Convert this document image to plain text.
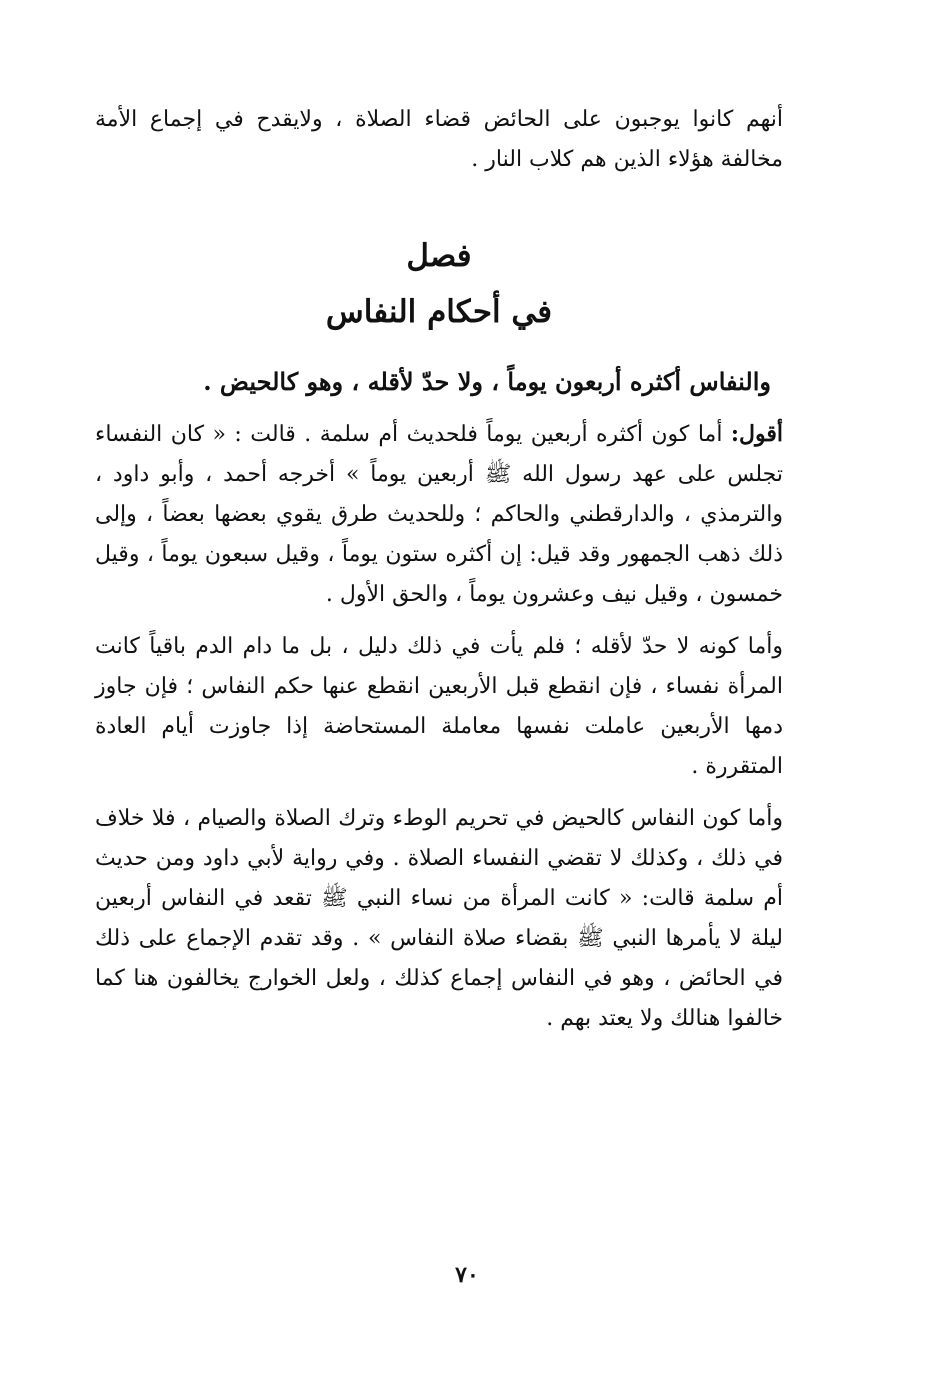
أنهم كانوا يوجبون على الحائض قضاء الصلاة ، ولايقدح في إجماع الأمة مخالفة هؤلاء الذين هم كلاب النار .

فصل
في أحكام النفاس

والنفاس أكثره أربعون يوماً ، ولا حدّ لأقله ، وهو كالحيض .

أقول: أما كون أكثره أربعين يوماً فلحديث أم سلمة . قالت : « كان النفساء تجلس على عهد رسول الله ﷺ أربعين يوماً » أخرجه أحمد ، وأبو داود ، والترمذي ، والدارقطني والحاكم ؛ وللحديث طرق يقوي بعضها بعضاً ، وإلى ذلك ذهب الجمهور وقد قيل: إن أكثره ستون يوماً ، وقيل سبعون يوماً ، وقيل خمسون ، وقيل نيف وعشرون يوماً ، والحق الأول .

وأما كونه لا حدّ لأقله ؛ فلم يأت في ذلك دليل ، بل ما دام الدم باقياً كانت المرأة نفساء ، فإن انقطع قبل الأربعين انقطع عنها حكم النفاس ؛ فإن جاوز دمها الأربعين عاملت نفسها معاملة المستحاضة إذا جاوزت أيام العادة المتقررة .

وأما كون النفاس كالحيض في تحريم الوطء وترك الصلاة والصيام ، فلا خلاف في ذلك ، وكذلك لا تقضي النفساء الصلاة . وفي رواية لأبي داود ومن حديث أم سلمة قالت: « كانت المرأة من نساء النبي ﷺ تقعد في النفاس أربعين ليلة لا يأمرها النبي ﷺ بقضاء صلاة النفاس » . وقد تقدم الإجماع على ذلك في الحائض ، وهو في النفاس إجماع كذلك ، ولعل الخوارج يخالفون هنا كما خالفوا هنالك ولا يعتد بهم .

٧٠
